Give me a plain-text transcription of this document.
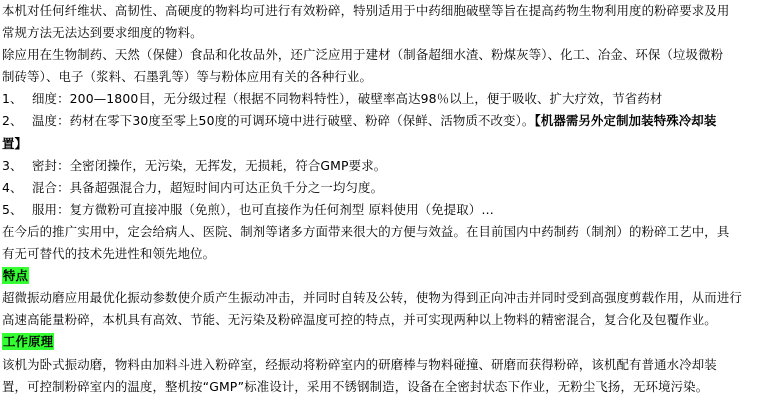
本机对任何纤维状、高韧性、高硬度的物料均可进行有效粉碎，特别适用于中药细胞破壁等旨在提高药物生物利用度的粉碎要求及用
常规方法无法达到要求细度的物料。
除应用在生物制药、天然（保健）食品和化妆品外，还广泛应用于建材（制备超细水渣、粉煤灰等）、化工、冶金、环保（垃圾微粉
制砖等）、电子（浆料、石墨乳等）等与粉体应用有关的各种行业。
1、 细度：200—1800目，无分级过程（根据不同物料特性），破壁率高达98％以上，便于吸收、扩大疗效，节省药材
2、 温度：药材在零下30度至零上50度的可调环境中进行破壁、粉碎（保鲜、活物质不改变）。【机器需另外定制加装特殊冷却装
置】
3、 密封：全密闭操作，无污染，无挥发，无损耗，符合GMP要求。
4、 混合：具备超强混合力，超短时间内可达正负千分之一均匀度。
5、 服用：复方微粉可直接冲服（免煎），也可直接作为任何剂型 原料使用（免提取）…
在今后的推广实用中，定会给病人、医院、制剂等诸多方面带来很大的方便与效益。在目前国内中药制药（制剂）的粉碎工艺中，具
有无可替代的技术先进性和领先地位。
特点
超微振动磨应用最优化振动参数使介质产生振动冲击，并同时自转及公转，使物为得到正向冲击并同时受到高强度剪载作用，从而进行
高速高能量粉碎，本机具有高效、节能、无污染及粉碎温度可控的特点，并可实现两种以上物料的精密混合，复合化及包覆作业。
工作原理
该机为卧式振动磨，物料由加料斗进入粉碎室，经振动将粉碎室内的研磨棒与物料碰撞、研磨而获得粉碎，该机配有普通水冷却装
置，可控制粉碎室内的温度，整机按“GMP”标准设计，采用不锈钢制造，设备在全密封状态下作业，无粉尘飞扬，无环境污染。
